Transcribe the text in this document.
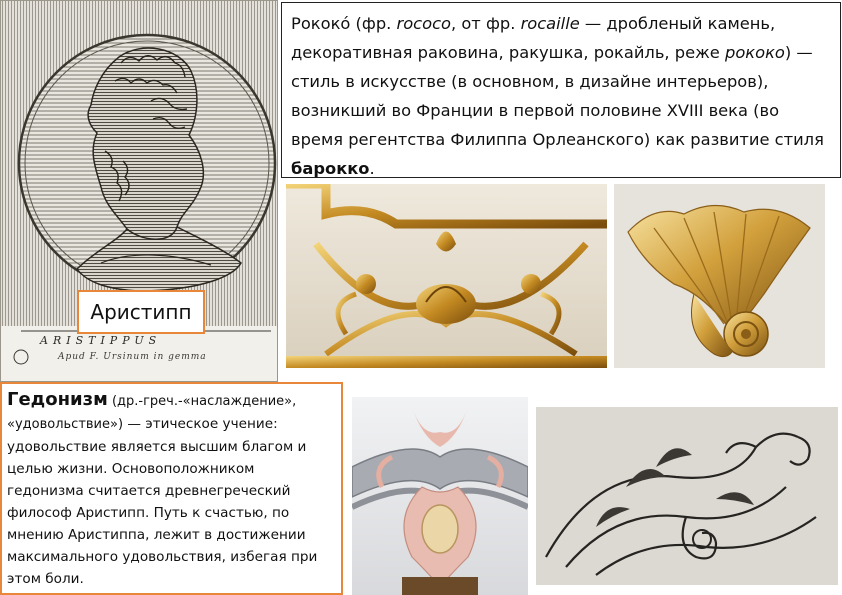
Аристипп
ARISTIPPUS
Apud F. Ursinum in gemma
Рококó (фр. rococo, от фр. rocaille — дробленый камень, декоративная раковина, ракушка, рокайль, реже рококо) — стиль в искусстве (в основном, в дизайне интерьеров), возникший во Франции в первой половине XVIII века (во время регентства Филиппа Орлеанского) как развитие стиля барокко.
Гедонизм (др.-греч.-«наслаждение», «удовольствие») — этическое учение: удовольствие является высшим благом и целью жизни. Основоположником гедонизма считается древнегреческий философ Аристипп. Путь к счастью, по мнению Аристиппа, лежит в достижении максимального удовольствия, избегая при этом боли.
